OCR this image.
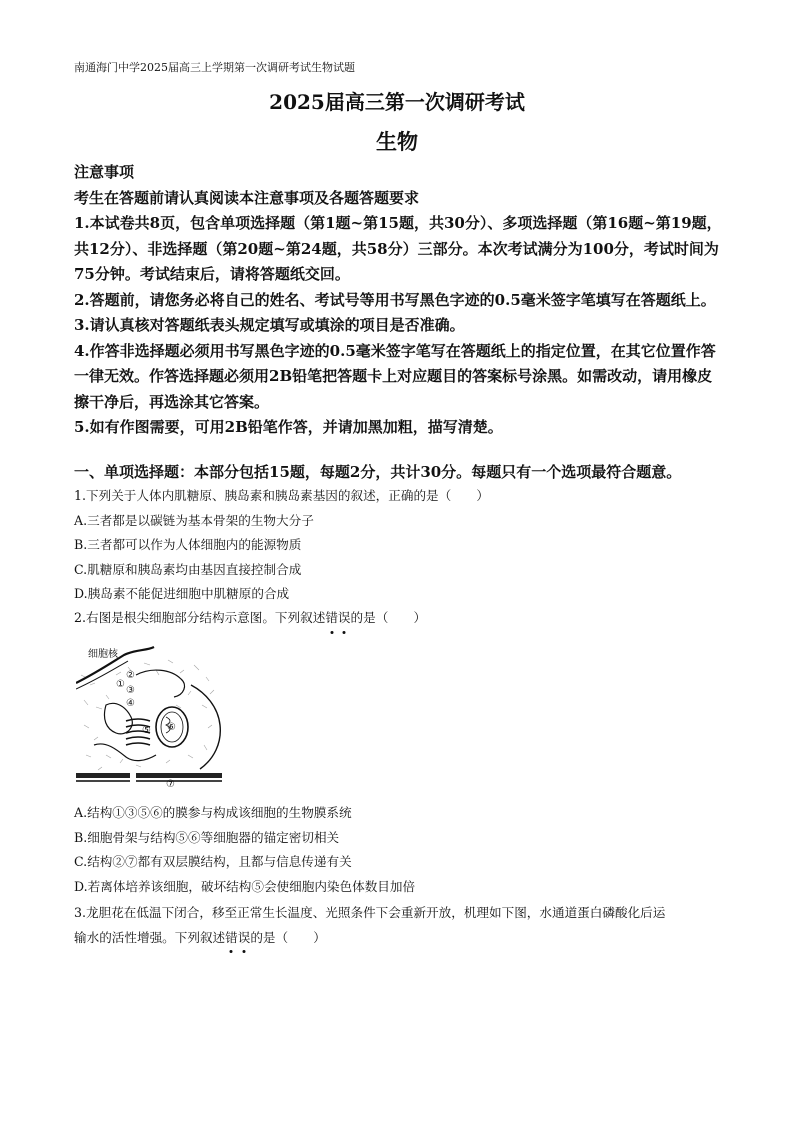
南通海门中学2025届高三上学期第一次调研考试生物试题
2025届高三第一次调研考试
生物

注意事项

考生在答题前请认真阅读本注意事项及各题答题要求

1.本试卷共8页，包含单项选择题（第1题~第15题，共30分）、多项选择题（第16题~第19题，共12分）、非选择题（第20题~第24题，共58分）三部分。本次考试满分为100分，考试时间为75分钟。考试结束后，请将答题纸交回。

2.答题前，请您务必将自己的姓名、考试号等用书写黑色字迹的0.5毫米签字笔填写在答题纸上。

3.请认真核对答题纸表头规定填写或填涂的项目是否准确。

4.作答非选择题必须用书写黑色字迹的0.5毫米签字笔写在答题纸上的指定位置，在其它位置作答一律无效。作答选择题必须用2B铅笔把答题卡上对应题目的答案标号涂黑。如需改动，请用橡皮擦干净后，再选涂其它答案。

5.如有作图需要，可用2B铅笔作答，并请加黑加粗，描写清楚。

一、单项选择题：本部分包括15题，每题2分，共计30分。每题只有一个选项最符合题意。

1.下列关于人体内肌糖原、胰岛素和胰岛素基因的叙述，正确的是（　　）

A.三者都是以碳链为基本骨架的生物大分子

B.三者都可以作为人体细胞内的能源物质

C.肌糖原和胰岛素均由基因直接控制合成

D.胰岛素不能促进细胞中肌糖原的合成

2.右图是根尖细胞部分结构示意图。下列叙述错
误
的是（　　）

①
②
③
④
⑤ ⑥
⑦
细胞核

A.结构①③⑤⑥的膜参与构成该细胞的生物膜系统

B.细胞骨架与结构⑤⑥等细胞器的锚定密切相关

C.结构②⑦都有双层膜结构，且都与信息传递有关

D.若离体培养该细胞，破坏结构⑤会使细胞内染色体数目加倍

3.龙胆花在低温下闭合，移至正常生长温度、光照条件下会重新开放，机理如下图，水通道蛋白磷酸化后运

输水的活性增强。下列叙述错
误
的是（　　）
